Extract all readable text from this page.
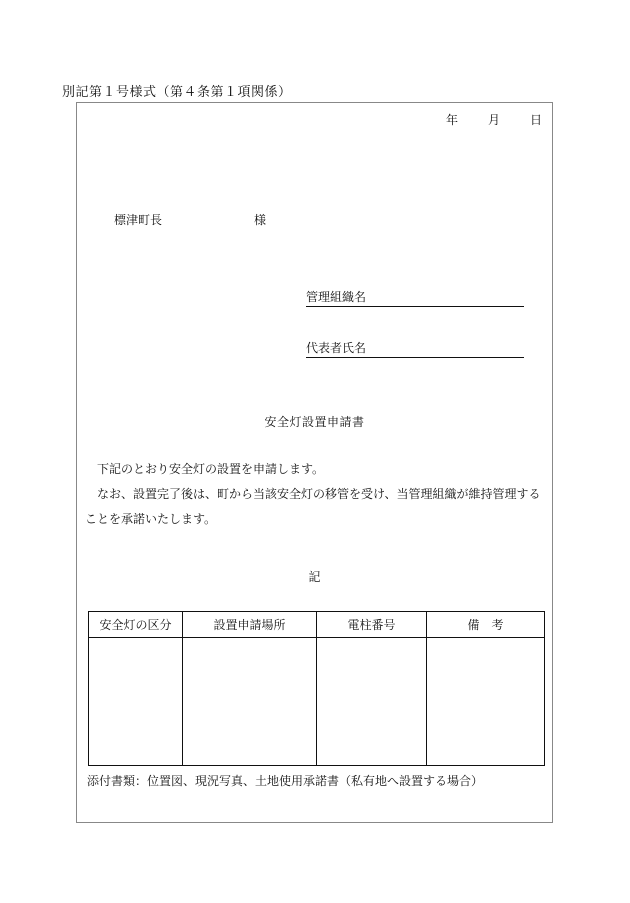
別記第１号様式（第４条第１項関係）
年	月	日
標津町長	様
管理組織名
代表者氏名
安全灯設置申請書

下記のとおり安全灯の設置を申請します。

なお、設置完了後は、町から当該安全灯の移管を受け、当管理組織が維持管理することを承諾いたします。

記
安全灯の区分	設置申請場所	電柱番号	備　考

添付書類：位置図、現況写真、土地使用承諾書（私有地へ設置する場合）
